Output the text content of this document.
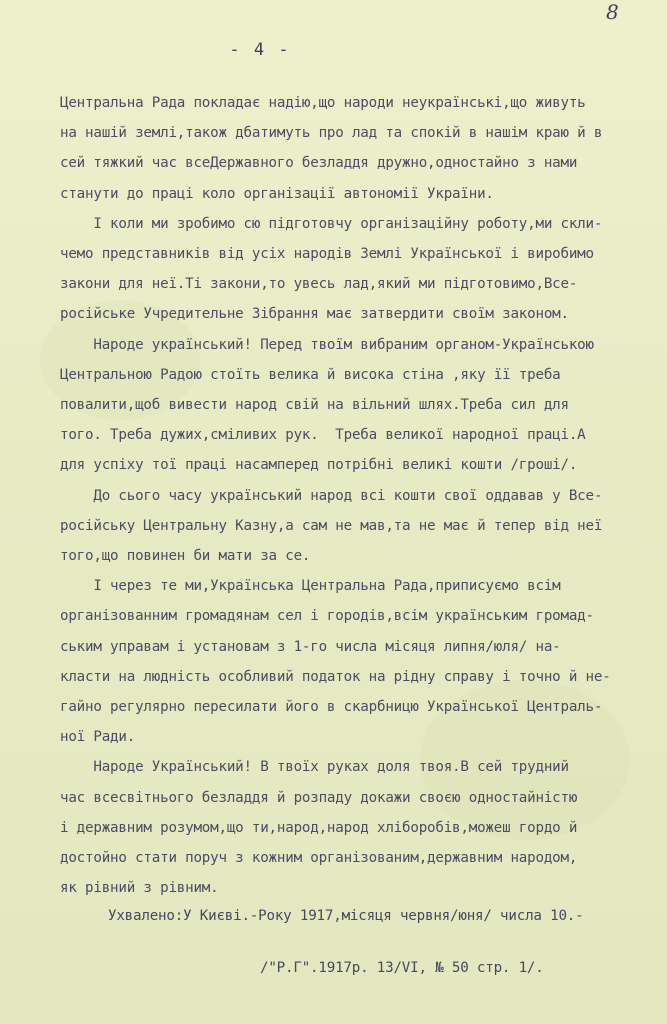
8
- 4 -
Центральна Рада покладає надію,що народи неукраїнські,що живуть
на нашій землі,також дбатимуть про лад та спокій в нашім краю й в
сей тяжкий час всеДержавного безладдя дружно,одностайно з нами
станути до праці коло організації автономії України.
І коли ми зробимо сю підготовчу організаційну роботу,ми скли-
чемо представників від усіх народів Землі Української і виробимо
закони для неї.Ті закони,то увесь лад,який ми підготовимо,Все-
російське Учредительне Зібрання має затвердити своїм законом.
Народе український! Перед твоїм вибраним органом-Українською
Центральною Радою стоїть велика й висока стіна ,яку її треба
повалити,щоб вивести народ свій на вільний шлях.Треба сил для
того. Треба дужих,сміливих рук.  Треба великої народної праці.А
для успіху тої праці насамперед потрібні великі кошти /гроші/.
До сього часу український народ всі кошти свої оддавав у Все-
російську Центральну Казну,а сам не мав,та не має й тепер від неї
того,що повинен би мати за се.
І через те ми,Українська Центральна Рада,приписуємо всім
організованним громадянам сел і городів,всім українським громад-
ським управам і установам з 1-го числа місяця липня/юля/ на-
класти на людність особливий податок на рідну справу і точно й не-
гайно регулярно пересилати його в скарбницю Української Централь-
ної Ради.
Народе Український! В твоїх руках доля твоя.В сей трудний
час всесвітнього безладдя й розпаду докажи своєю одностайністю
і державним розумом,що ти,народ,народ хліборобів,можеш гордо й
достойно стати поруч з кожним організованим,державним народом,
як рівний з рівним.
Ухвалено:У Києві.-Року 1917,місяця червня/юня/ числа 10.-
/"Р.Г".1917р. 13/VI, № 50 стр. 1/.
